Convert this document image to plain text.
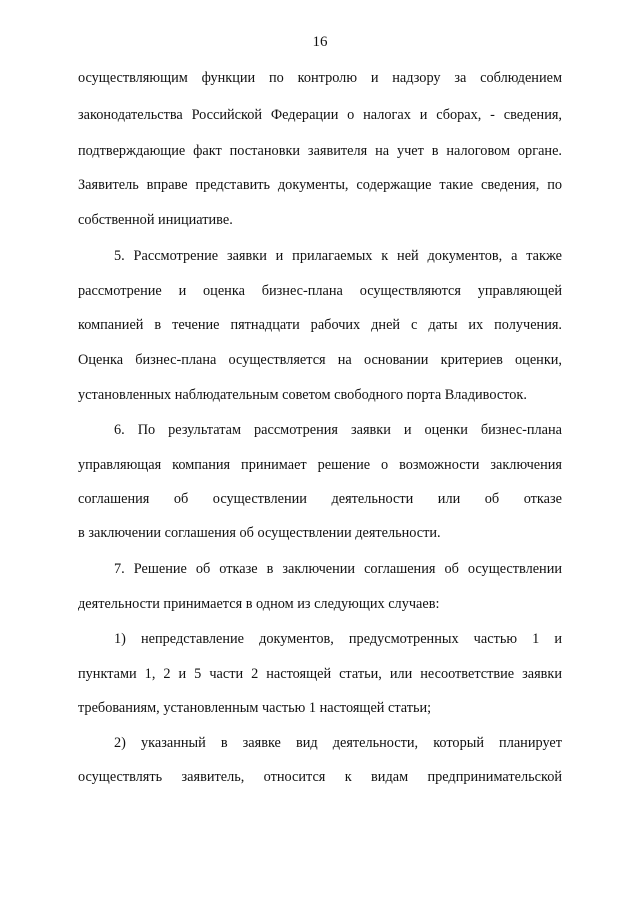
16
осуществляющим функции по контролю и надзору за соблюдением
законодательства Российской Федерации о налогах и сборах, - сведения,
подтверждающие факт постановки заявителя на учет в налоговом органе.
Заявитель вправе представить документы, содержащие такие сведения, по
собственной инициативе.
5. Рассмотрение заявки и прилагаемых к ней документов, а также
рассмотрение и оценка бизнес-плана осуществляются управляющей
компанией в течение пятнадцати рабочих дней с даты их получения.
Оценка бизнес-плана осуществляется на основании критериев оценки,
установленных наблюдательным советом свободного порта Владивосток.
6. По результатам рассмотрения заявки и оценки бизнес-плана
управляющая компания принимает решение о возможности заключения
соглашения об осуществлении деятельности или об отказе
в заключении соглашения об осуществлении деятельности.
7. Решение об отказе в заключении соглашения об осуществлении
деятельности принимается в одном из следующих случаев:
1) непредставление документов, предусмотренных частью 1 и
пунктами 1, 2 и 5 части 2 настоящей статьи, или несоответствие заявки
требованиям, установленным частью 1 настоящей статьи;
2) указанный в заявке вид деятельности, который планирует
осуществлять заявитель, относится к видам предпринимательской
